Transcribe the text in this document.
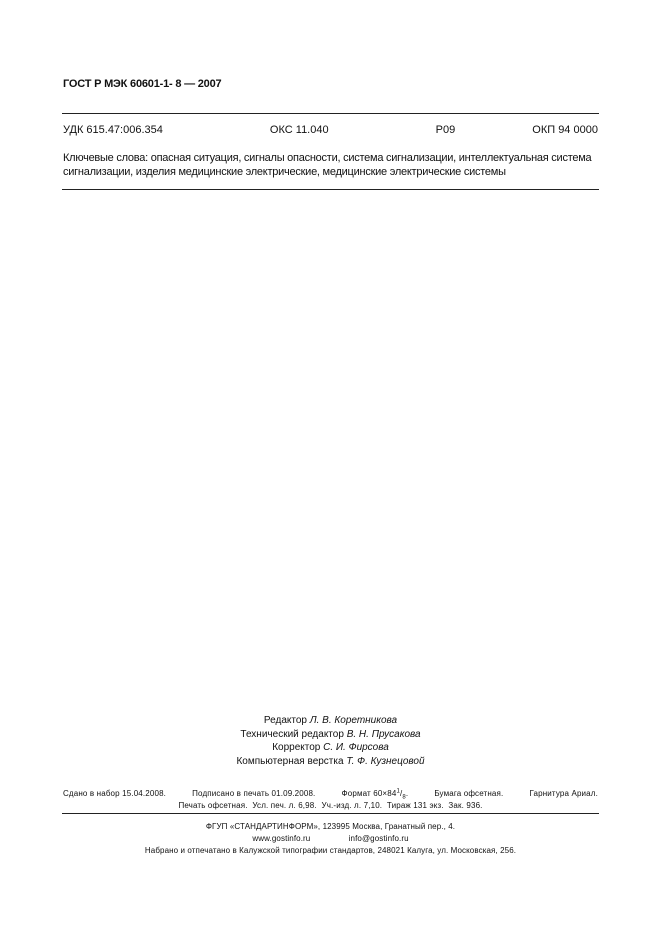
ГОСТ Р МЭК 60601-1- 8 — 2007
УДК 615.47:006.354	ОКС 11.040	Р09	ОКП 94 0000
Ключевые слова: опасная ситуация, сигналы опасности, система сигнализации, интеллектуальная система
сигнализации, изделия медицинские электрические, медицинские электрические системы
Редактор Л. В. Коретникова
Технический редактор В. Н. Прусакова
Корректор С. И. Фирсова
Компьютерная верстка Т. Ф. Кузнецовой
Сдано в набор 15.04.2008.	Подписано в печать 01.09.2008.	Формат $60\times 84^1/_8$.	Бумага офсетная.	Гарнитура Ариал.
Печать офсетная. Усл. печ. л. 6,98. Уч.-изд. л. 7,10. Тираж 131 экз. Зак. 936.
ФГУП «СТАНДАРТИНФОРМ», 123995 Москва, Гранатный пер., 4.
www.gostinfo.ru	info@gostinfo.ru
Набрано и отпечатано в Калужской типографии стандартов, 248021 Калуга, ул. Московская, 256.
